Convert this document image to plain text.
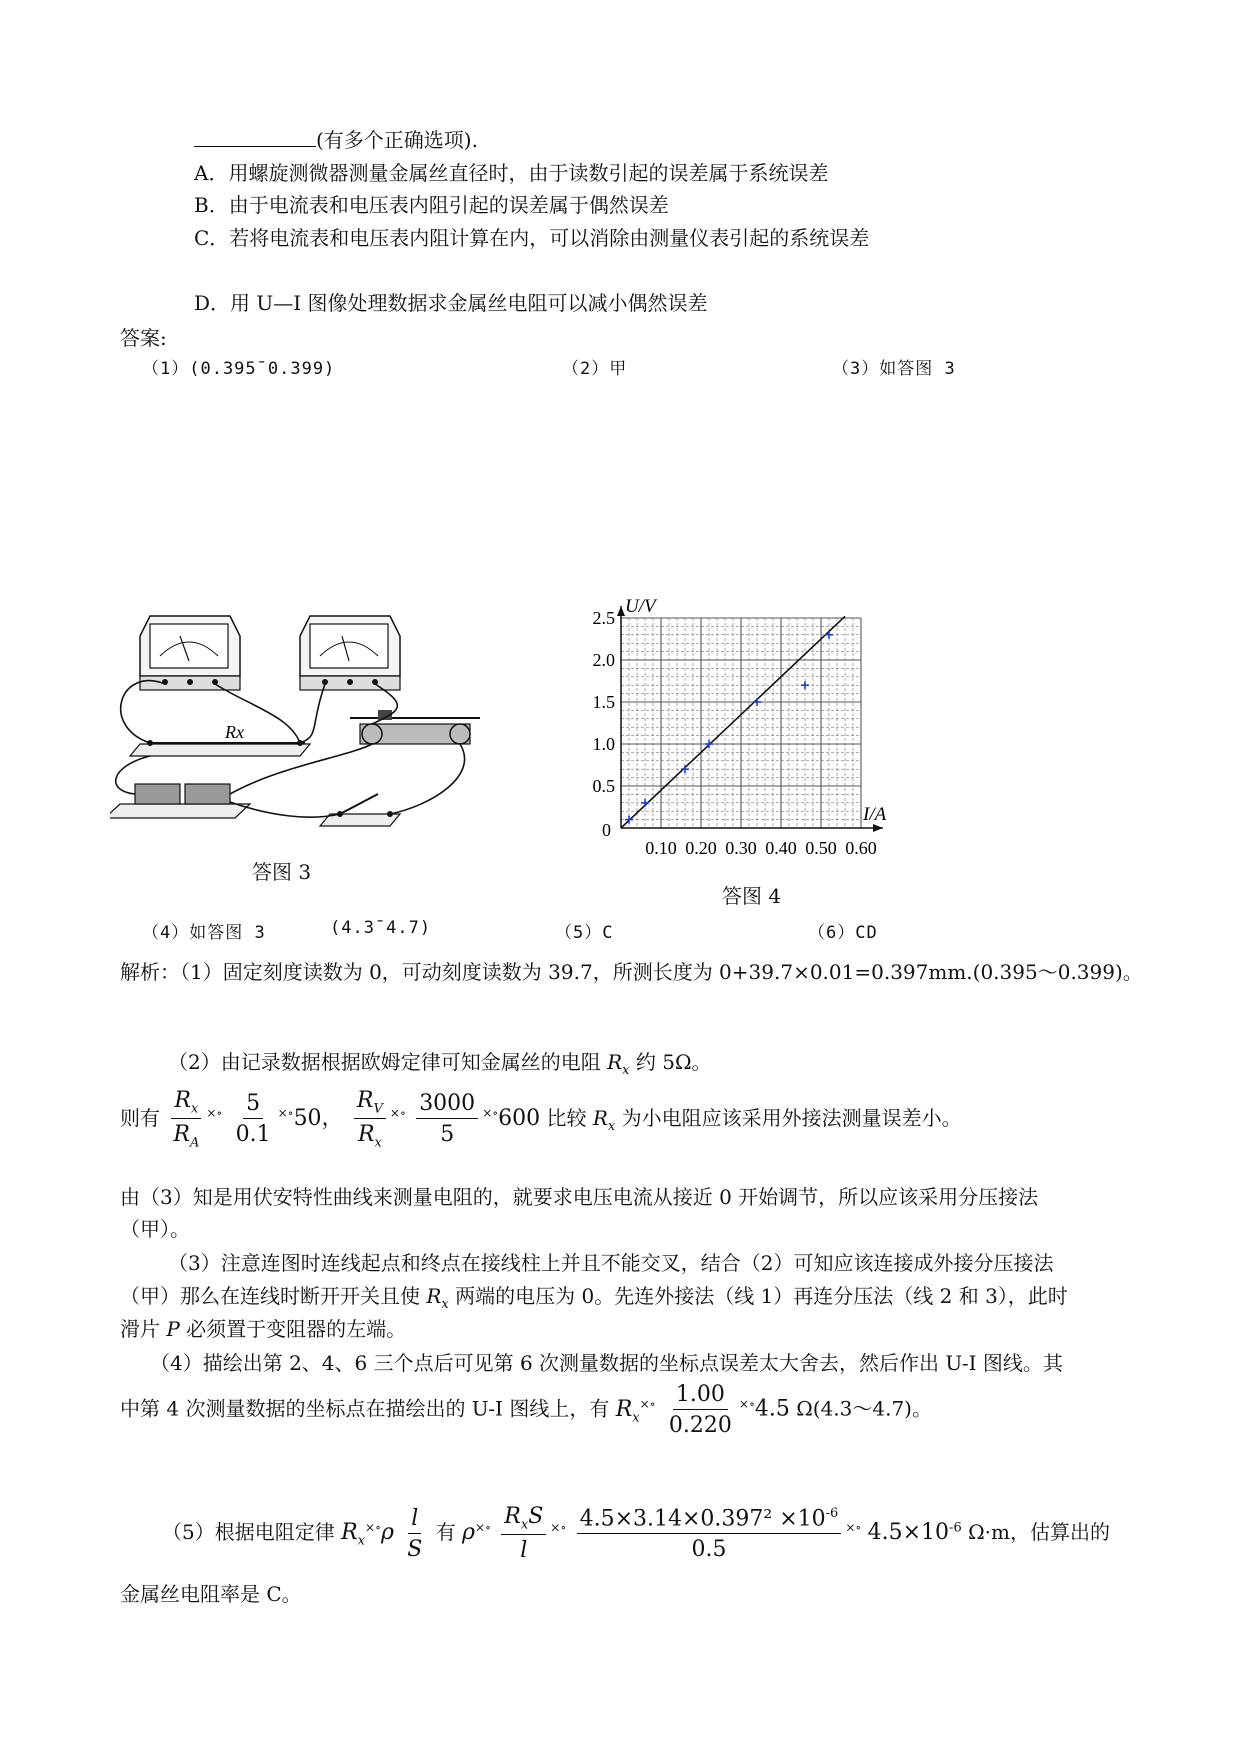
(有多个正确选项).
A．用螺旋测微器测量金属丝直径时，由于读数引起的误差属于系统误差
B．由于电流表和电压表内阻引起的误差属于偶然误差
C．若将电流表和电压表内阻计算在内，可以消除由测量仪表引起的系统误差
D．用 U—I 图像处理数据求金属丝电阻可以减小偶然误差
答案:
（1）(0.395¯0.399)	（2）甲	（3）如答图 3
Rx
答图 3
0.5
1.0
1.5
2.0
2.5
0.10 0.20 0.30 0.40 0.50 0.60
0
U/V
I/A
答图 4
（4）如答图 3	(4.3¯4.7)	（5）C	（6）CD
解析：（1）固定刻度读数为 0，可动刻度读数为 39.7，所测长度为 0+39.7×0.01=0.397mm.(0.395～0.399)。
（2）由记录数据根据欧姆定律可知金属丝的电阻 $R_x$ 约 5Ω。
则有 $\frac{R_x}{R_A} ^{\times\circ} \frac{5}{0.1} ^{\times\circ}50$， $\frac{R_V}{R_x} ^{\times\circ} \frac{3000}{5} ^{\times\circ}600$ 比较 $R_x$ 为小电阻应该采用外接法测量误差小。
由（3）知是用伏安特性曲线来测量电阻的，就要求电压电流从接近 0 开始调节，所以应该采用分压接法
（甲）。
（3）注意连图时连线起点和终点在接线柱上并且不能交叉，结合（2）可知应该连接成外接分压接法
（甲）那么在连线时断开开关且使 $R_x$ 两端的电压为 0。先连外接法（线 1）再连分压法（线 2 和 3），此时
滑片 P 必须置于变阻器的左端。
（4）描绘出第 2、4、6 三个点后可见第 6 次测量数据的坐标点误差太大舍去，然后作出 U-I 图线。其
中第 4 次测量数据的坐标点在描绘出的 U-I 图线上，有 $R_x^{\times\circ} \frac{1.00}{0.220} ^{\times\circ}4.5$ Ω(4.3～4.7)。
（5）根据电阻定律 $R_x^{\times\circ}\rho \frac{l}{S}$ 有 $\rho^{\times\circ} \frac{R_xS}{l} ^{\times\circ} \frac{4.5\times 3.14\times 0.397^2 \times 10^{-6}}{0.5} ^{\times\circ}$ $4.5\times 10^{-6}$ Ω·m，估算出的
金属丝电阻率是 C。
